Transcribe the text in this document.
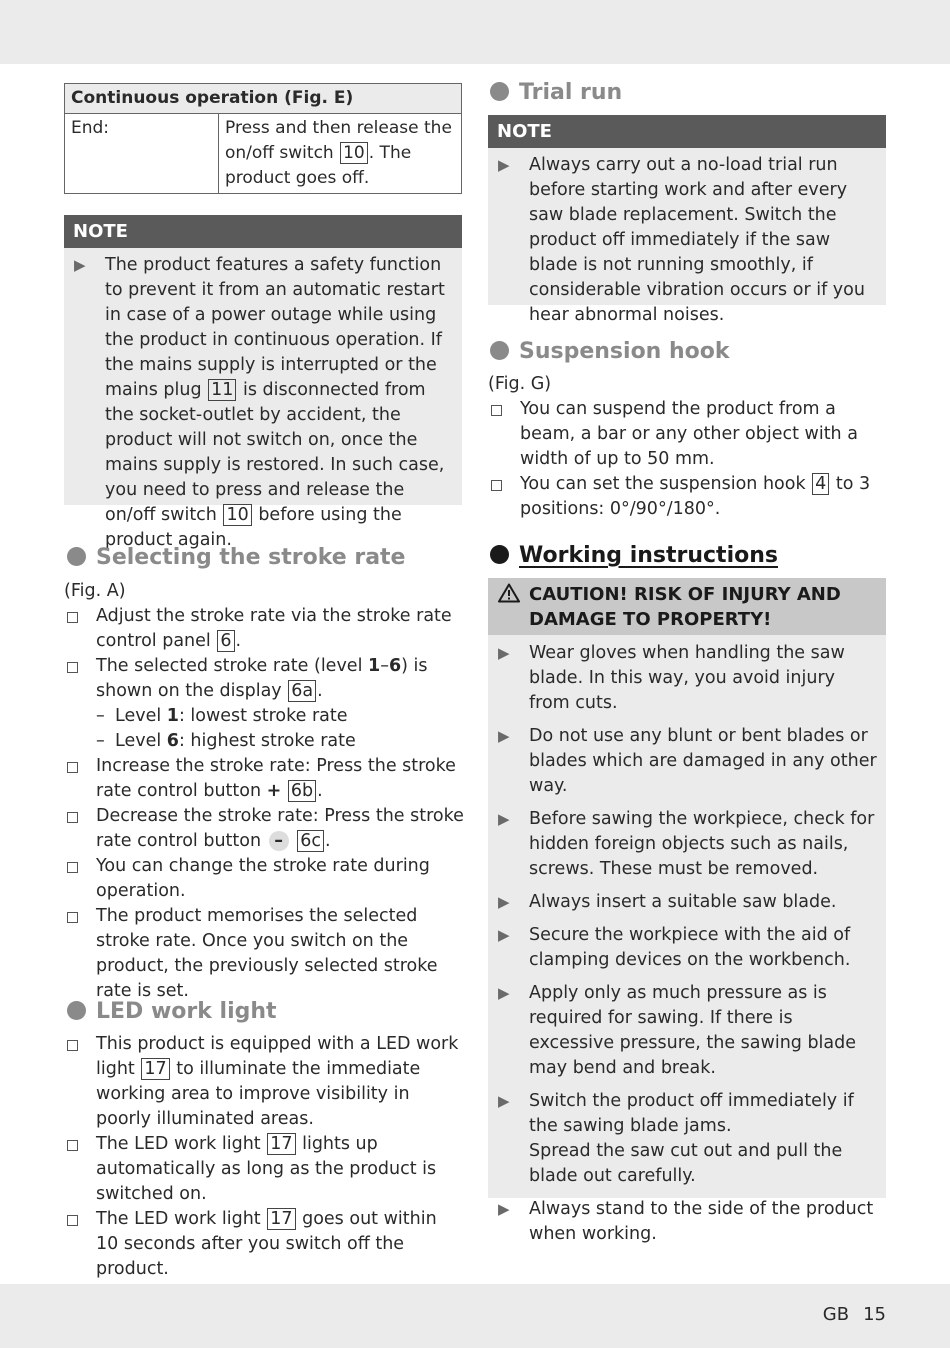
Continuous operation (Fig. E)
End:	Press and then release the on/off switch 10 . The product goes off.
NOTE
▶ The product features a safety function to prevent it from an automatic restart in case of a power outage while using the product in continuous operation. If the mains supply is interrupted or the mains plug 11 is disconnected from the socket-outlet by accident, the product will not switch on, once the mains supply is restored. In such case, you need to press and release the on/off switch 10 before using the product again.
Selecting the stroke rate
(Fig. A)
Adjust the stroke rate via the stroke rate control panel 6 .
The selected stroke rate (level 1–6) is shown on the display 6a .
– Level 1: lowest stroke rate
– Level 6: highest stroke rate
Increase the stroke rate: Press the stroke rate control button + 6b .
Decrease the stroke rate: Press the stroke rate control button – 6c .
You can change the stroke rate during operation.
The product memorises the selected stroke rate. Once you switch on the product, the previously selected stroke rate is set.
LED work light
This product is equipped with a LED work light 17 to illuminate the immediate working area to improve visibility in poorly illuminated areas.
The LED work light 17 lights up automatically as long as the product is switched on.
The LED work light 17 goes out within 10 seconds after you switch off the product.
Trial run
NOTE
▶ Always carry out a no-load trial run before starting work and after every saw blade replacement. Switch the product off immediately if the saw blade is not running smoothly, if considerable vibration occurs or if you hear abnormal noises.
Suspension hook
(Fig. G)
You can suspend the product from a beam, a bar or any other object with a width of up to 50 mm.
You can set the suspension hook 4 to 3 positions: 0°/90°/180°.
Working instructions
CAUTION! RISK OF INJURY AND DAMAGE TO PROPERTY!
▶ Wear gloves when handling the saw blade. In this way, you avoid injury from cuts.
▶ Do not use any blunt or bent blades or blades which are damaged in any other way.
▶ Before sawing the workpiece, check for hidden foreign objects such as nails, screws. These must be removed.
▶ Always insert a suitable saw blade.
▶ Secure the workpiece with the aid of clamping devices on the workbench.
▶ Apply only as much pressure as is required for sawing. If there is excessive pressure, the sawing blade may bend and break.
▶ Switch the product off immediately if the sawing blade jams.
Spread the saw cut out and pull the blade out carefully.
▶ Always stand to the side of the product when working.
GB 15
